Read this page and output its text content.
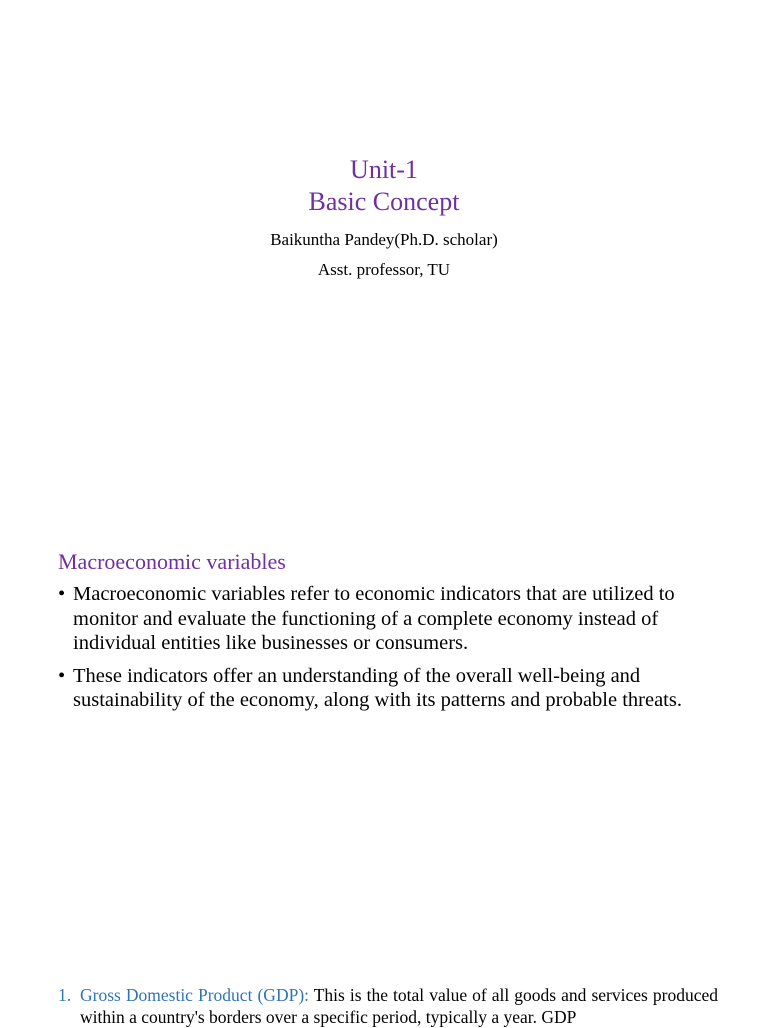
Unit-1
Basic Concept
Baikuntha Pandey(Ph.D. scholar)
Asst. professor, TU
Macroeconomic variables
• Macroeconomic variables refer to economic indicators that are utilized to monitor and evaluate the functioning of a complete economy instead of individual entities like businesses or consumers.
• These indicators offer an understanding of the overall well-being and sustainability of the economy, along with its patterns and probable threats.
1. Gross Domestic Product (GDP): This is the total value of all goods and services produced within a country's borders over a specific period, typically a year. GDP
